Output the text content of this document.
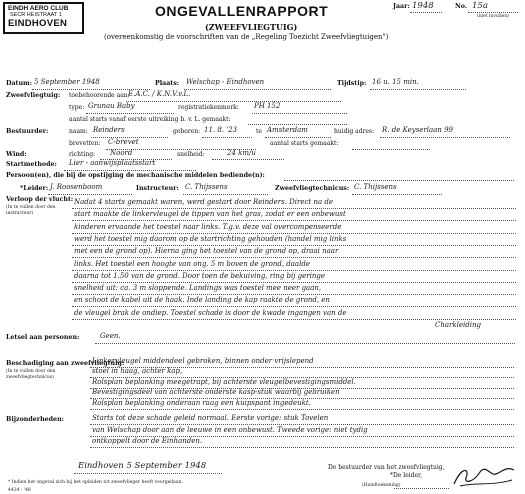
EINDH AERO CLUB
SECR HEISTRAAT 1
EINDHOVEN
ONGEVALLENRAPPORT
(ZWEEFVLIEGTUIG)
(overeenkomstig de voorschriften van de „Regeling Toezicht Zweefvliegtuigen")
Jaar: 1948	No. 15a
(niet invullen)
Datum: 5 September 1948	Plaats: Welschap - Eindhoven	Tijdstip: 16 u. 15 min.
Zweefvliegtuig: toebehoorende aan:
E.A.C. / K.N.V.v.L.
type: Grunau Baby	registratiekenmerk: PH 152
aantal starts vanaf eerste uitreiking b. v. L. gemaakt:
Bestuurder:	naam: Reinders	geboren: 11. 8. '23	te Amsterdam	huidig adres: R. de Keyserlaan 99
brevetten: C-brevet	aantal starts gemaakt:
Wind:	richting: Noord	snelheid:	24 km/u
Startmethode: Lier - aanwijsplaatsstart
Persoon(en), die bij de opstijging de mechanische middelen bediende(n):
*Leider: J. Roosenboom	Instructeur: C. Thijssens	Zweefvliegtechnicus: C. Thijssens
Verloop der vlucht:
(In te vullen door den instructeur)
Nadat 4 starts gemaakt waren, werd gestart door Reinders. Direct na de
start maakte de linkervleugel de tippen van het gras, zodat er een onbewust
kinderen ervaande het toestel naar links. T.g.v. deze val overcompenseerde
werd het toestel mig daarom op de startrichting gehouden (handel mig links
met een de grond op). Hierna ging het toestel van de grond op, draai naar
links. Het toestel een hoogte van ong. 5 m boven de grond, daalde
daarna tot 1.50 van de grond. Door toen de bekuiving, ring bij geringe
snelheid uit: ca. 3 m sloppende. Landings was toestel mee neer gaan,
en schoot de kabel uit de haak. Inde landing de kap raakte de grond, en
de vleugel brak de ondiep. Toestel schade is door de kwade ingangen van de
Charkleiding
Letsel aan personen:	Geen.
Beschadiging aan zweefvliegtuig:
(In te vullen door den zweefvliegtechnicus)
Linkervleugel middendeel gebroken, binnen onder vrijslepend
stoel in haag, achter kap,
Rolsplan beplanking meegetrapt, bij achterste vleugelbevestigingsmiddel.
Bevestigingsdeel van achterste onderste kasp-stuk waarbij gebruiken
Rolsplan beplanking onderaan raag een kuipspant ingedeukt.
Bijzonderheden:	Starts tot deze schade geleid normaal. Eerste vorige: stuk Tovelen
van Welschap door aan de leeuwe in een onbewust. Tweede vorige: niet tydig
ontkoppelt door de Einhanden.
Eindhoven 5 September 1948	De bestuurder van het zweefvliegtuig,
*De leider,
(Handteekening)
* Indien het ongeval zich bij het opleiden tot zweefvlieger heeft voorgedaan.
4434 - '48
